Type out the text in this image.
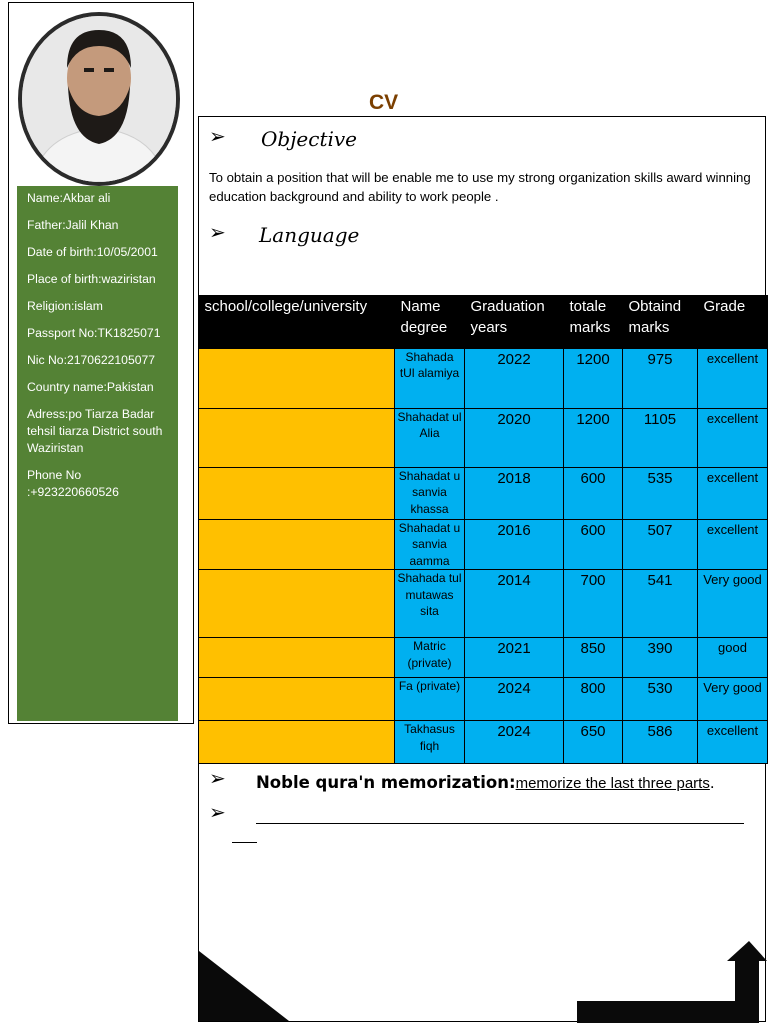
Name:Akbar ali
Father:Jalil Khan
Date of birth:10/05/2001
Place of birth:waziristan
Religion:islam
Passport No:TK1825071
Nic No:2170622105077
Country name:Pakistan
Adress:po Tiarza Badar tehsil tiarza District south Waziristan
Phone No :+923220660526
CV
➢ Objective
To obtain a position that will be enable me to use my strong organization skills award winning education background and ability to work people .
➢ Language
➢ Noble qura'n memorization:memorize the last three parts.
➢
school/college/university	Name degree	Graduation years	totale marks	Obtaind marks	Grade
	Shahada tUl alamiya	2022	1200	975	excellent
	Shahadat ul Alia	2020	1200	1105	excellent
	Shahadat u sanvia khassa	2018	600	535	excellent
	Shahadat u sanvia aamma	2016	600	507	excellent
	Shahada tul mutawas sita	2014	700	541	Very good
	Matric (private)	2021	850	390	good
	Fa (private)	2024	800	530	Very good
	Takhasus fiqh	2024	650	586	excellent
